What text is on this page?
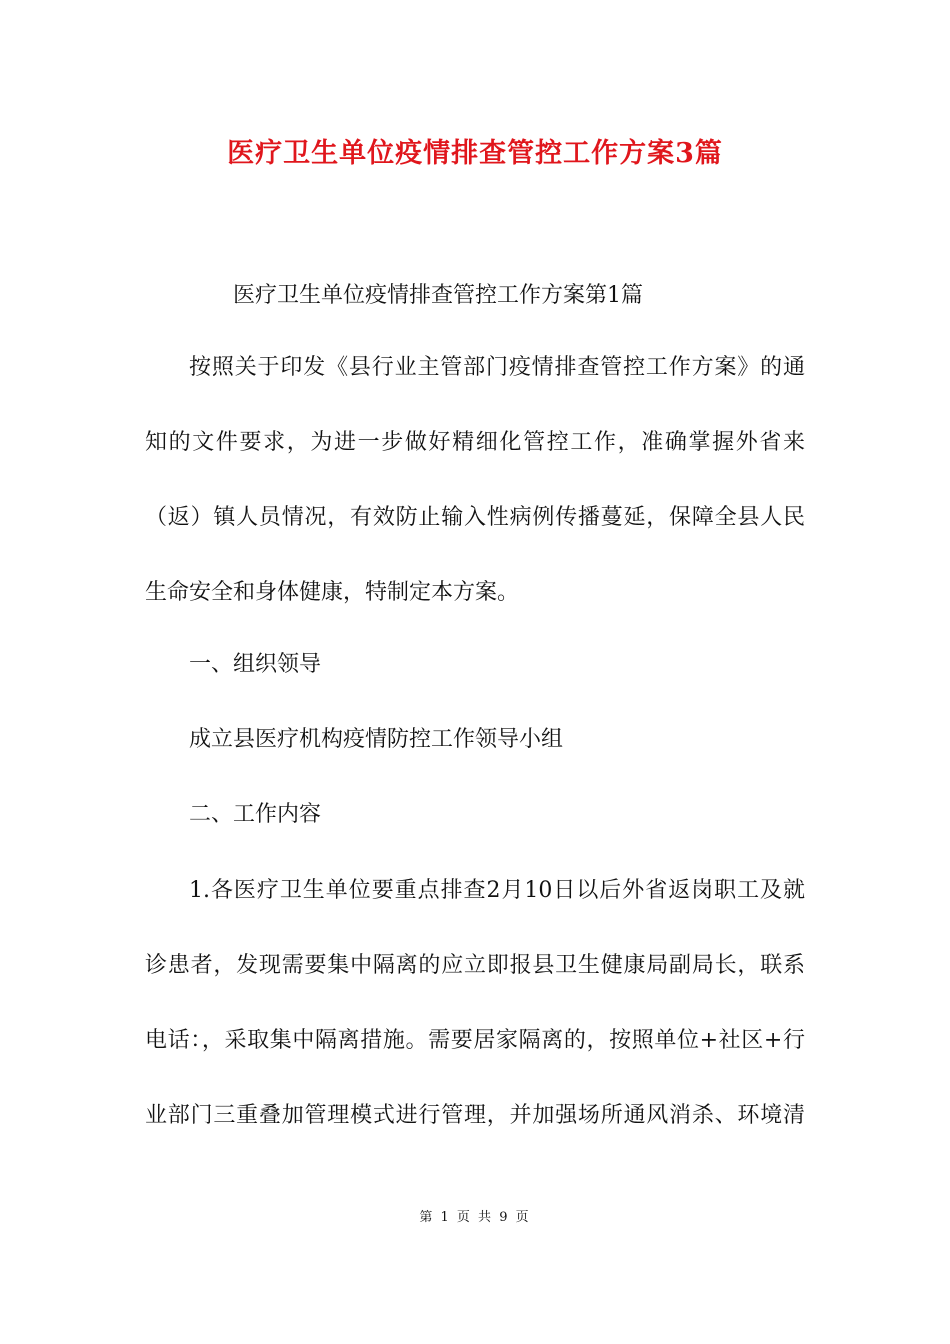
医疗卫生单位疫情排查管控工作方案3篇

医疗卫生单位疫情排查管控工作方案第1篇

按照关于印发《县行业主管部门疫情排查管控工作方案》的通
知的文件要求，为进一步做好精细化管控工作，准确掌握外省来
（返）镇人员情况，有效防止输入性病例传播蔓延，保障全县人民
生命安全和身体健康，特制定本方案。

一、组织领导

成立县医疗机构疫情防控工作领导小组

二、工作内容

1.各医疗卫生单位要重点排查2月10日以后外省返岗职工及就
诊患者，发现需要集中隔离的应立即报县卫生健康局副局长，联系
电话：，采取集中隔离措施。需要居家隔离的，按照单位+社区+行
业部门三重叠加管理模式进行管理，并加强场所通风消杀、环境清

第 1 页 共 9 页
